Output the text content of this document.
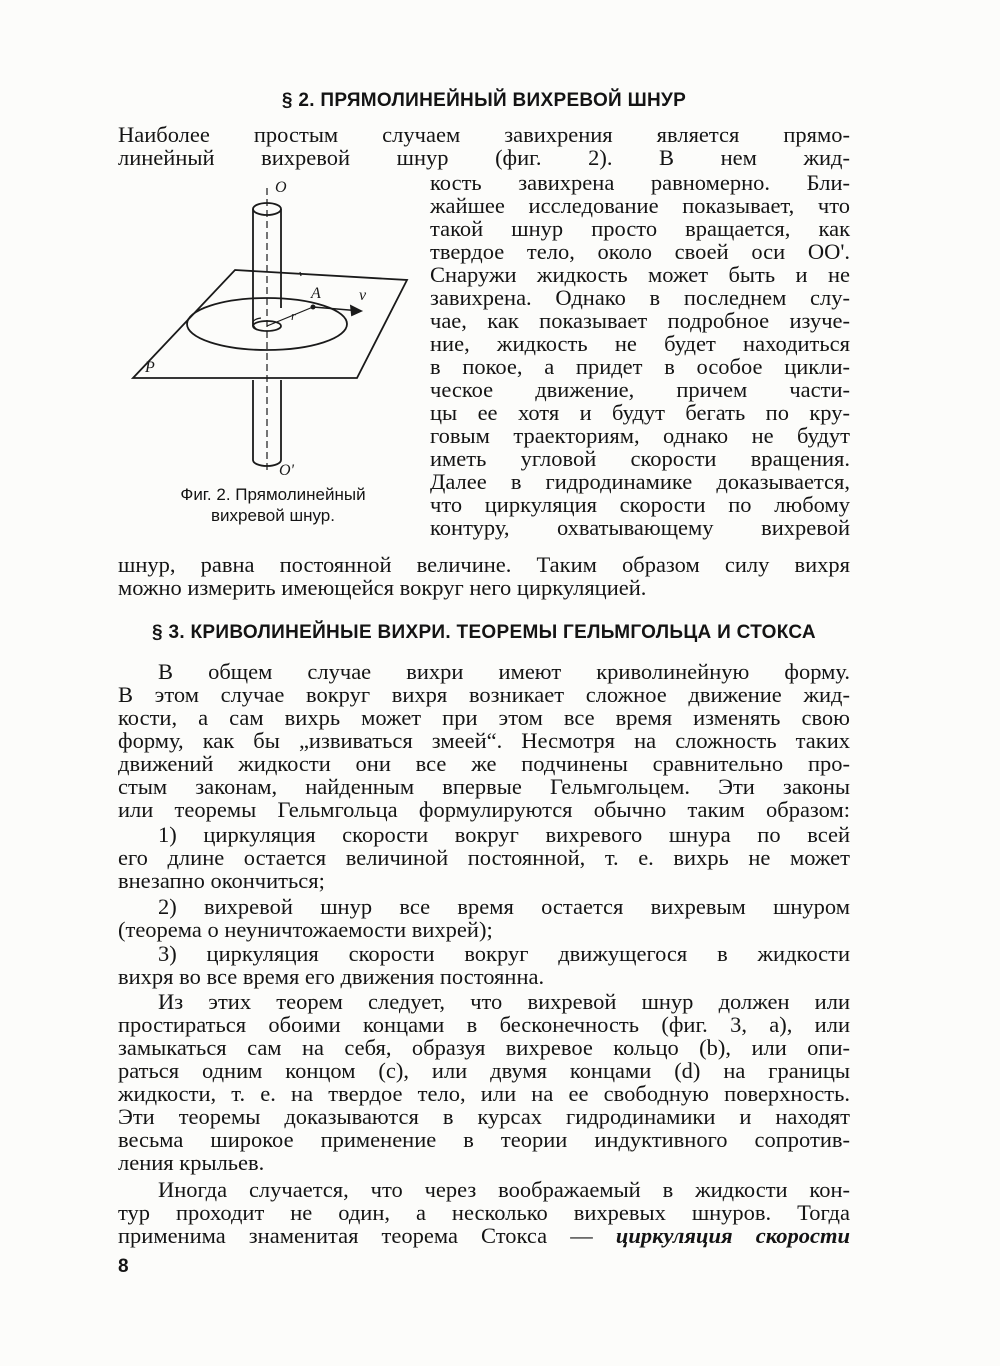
§ 2. ПРЯМОЛИНЕЙНЫЙ ВИХРЕВОЙ ШНУР
Наиболее простым случаем завихрения является прямо-
линейный вихревой шнур (фиг. 2). В нем жид-
O
O'
A v
r
P
Фиг. 2. Прямолинейный
вихревой шнур.
кость завихрена равномерно. Бли-
жайшее исследование показывает, что
такой шнур просто вращается, как
твердое тело, около своей оси OO'.
Снаружи жидкость может быть и не
завихрена. Однако в последнем слу-
чае, как показывает подробное изуче-
ние, жидкость не будет находиться
в покое, а придет в особое цикли-
ческое движение, причем части-
цы ее хотя и будут бегать по кру-
говым траекториям, однако не будут
иметь угловой скорости вращения.
Далее в гидродинамике доказывается,
что циркуляция скорости по любому
контуру, охватывающему вихревой
шнур, равна постоянной величине. Таким образом силу вихря
можно измерить имеющейся вокруг него циркуляцией.
§ 3. КРИВОЛИНЕЙНЫЕ ВИХРИ. ТЕОРЕМЫ ГЕЛЬМГОЛЬЦА И СТОКСА
В общем случае вихри имеют криволинейную форму.
В этом случае вокруг вихря возникает сложное движение жид-
кости, а сам вихрь может при этом все время изменять свою
форму, как бы „извиваться змеей“. Несмотря на сложность таких
движений жидкости они все же подчинены сравнительно про-
стым законам, найденным впервые Гельмгольцем. Эти законы
или теоремы Гельмгольца формулируются обычно таким образом:
1) циркуляция скорости вокруг вихревого шнура по всей
его длине остается величиной постоянной, т. е. вихрь не может
внезапно окончиться;
2) вихревой шнур все время остается вихревым шнуром
(теорема о неуничтожаемости вихрей);
3) циркуляция скорости вокруг движущегося в жидкости
вихря во все время его движения постоянна.
Из этих теорем следует, что вихревой шнур должен или
простираться обоими концами в бесконечность (фиг. 3, a), или
замыкаться сам на себя, образуя вихревое кольцо (b), или опи-
раться одним концом (c), или двумя концами (d) на границы
жидкости, т. е. на твердое тело, или на ее свободную поверхность.
Эти теоремы доказываются в курсах гидродинамики и находят
весьма широкое применение в теории индуктивного сопротив-
ления крыльев.
Иногда случается, что через воображаемый в жидкости кон-
тур проходит не один, а несколько вихревых шнуров. Тогда
применима знаменитая теорема Стокса — циркуляция скорости
8
